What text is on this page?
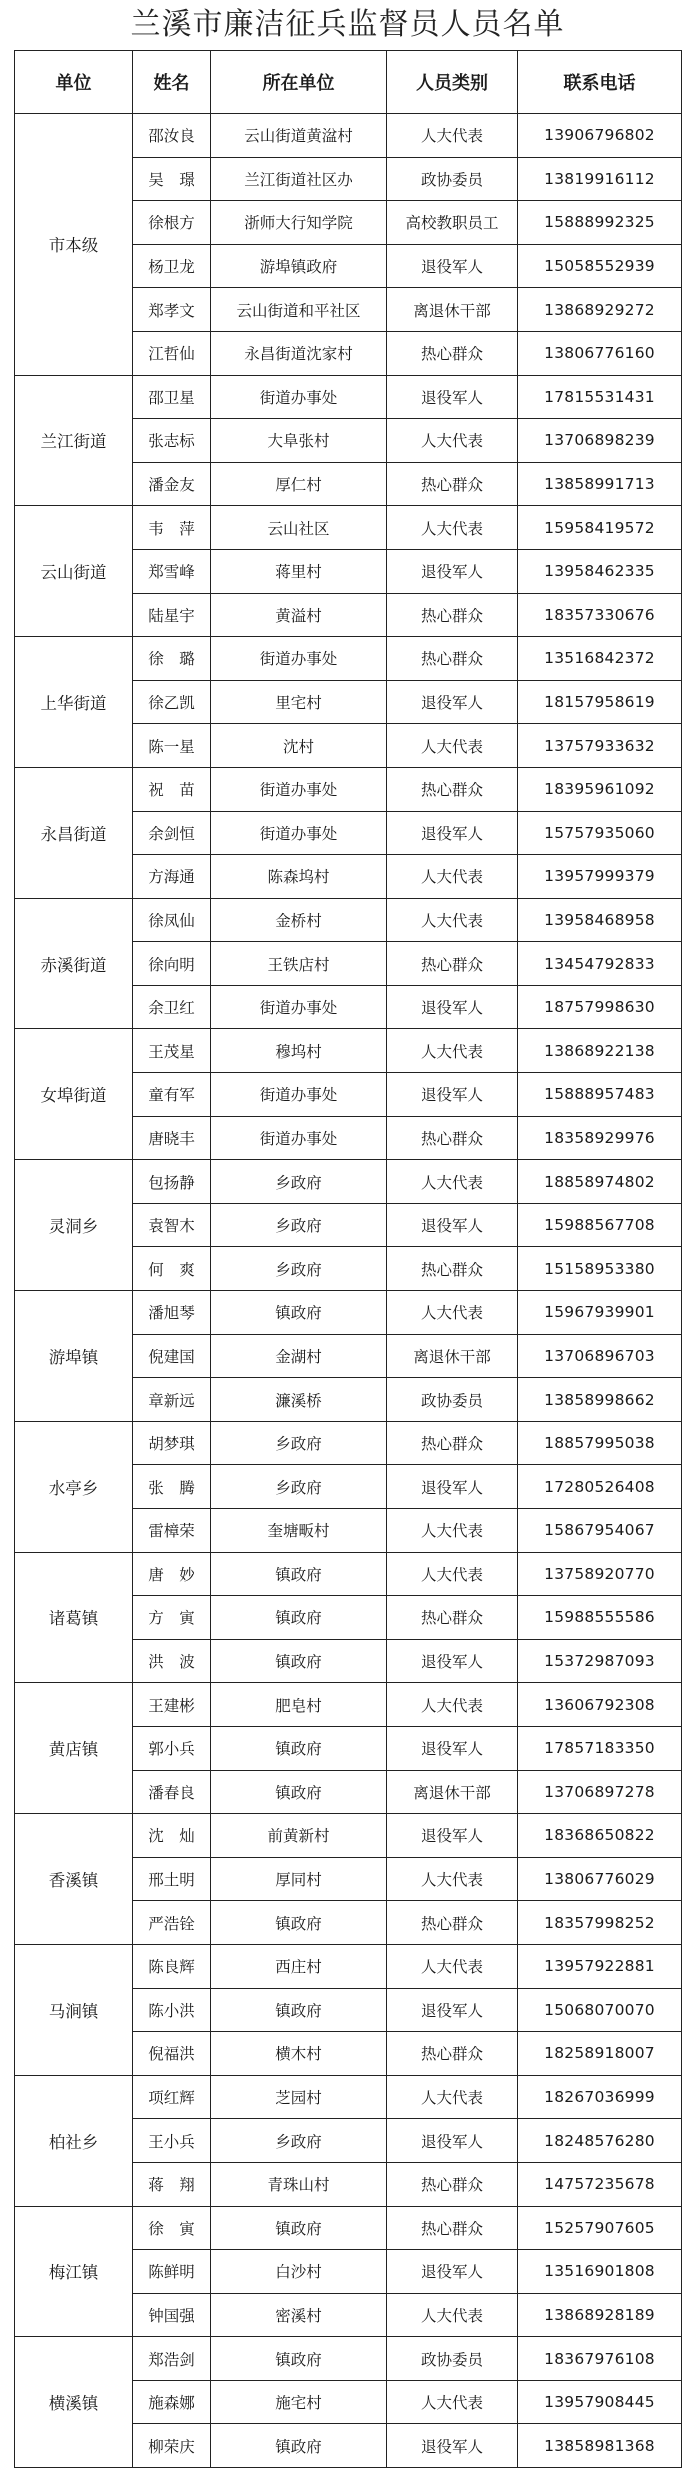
兰溪市廉洁征兵监督员人员名单
单位	姓名	所在单位	人员类别	联系电话
市本级	邵汝良	云山街道黄湓村	人大代表	13906796802
	吴　璟	兰江街道社区办	政协委员	13819916112
	徐根方	浙师大行知学院	高校教职员工	15888992325
	杨卫龙	游埠镇政府	退役军人	15058552939
	郑孝文	云山街道和平社区	离退休干部	13868929272
	江哲仙	永昌街道沈家村	热心群众	13806776160
兰江街道	邵卫星	街道办事处	退役军人	17815531431
	张志标	大阜张村	人大代表	13706898239
	潘金友	厚仁村	热心群众	13858991713
云山街道	韦　萍	云山社区	人大代表	15958419572
	郑雪峰	蒋里村	退役军人	13958462335
	陆星宇	黄溢村	热心群众	18357330676
上华街道	徐　璐	街道办事处	热心群众	13516842372
	徐乙凯	里宅村	退役军人	18157958619
	陈一星	沈村	人大代表	13757933632
永昌街道	祝　苗	街道办事处	热心群众	18395961092
	余剑恒	街道办事处	退役军人	15757935060
	方海通	陈森坞村	人大代表	13957999379
赤溪街道	徐凤仙	金桥村	人大代表	13958468958
	徐向明	王铁店村	热心群众	13454792833
	余卫红	街道办事处	退役军人	18757998630
女埠街道	王茂星	穆坞村	人大代表	13868922138
	童有军	街道办事处	退役军人	15888957483
	唐晓丰	街道办事处	热心群众	18358929976
灵洞乡	包扬静	乡政府	人大代表	18858974802
	袁智木	乡政府	退役军人	15988567708
	何　爽	乡政府	热心群众	15158953380
游埠镇	潘旭琴	镇政府	人大代表	15967939901
	倪建国	金湖村	离退休干部	13706896703
	章新远	濂溪桥	政协委员	13858998662
水亭乡	胡梦琪	乡政府	热心群众	18857995038
	张　腾	乡政府	退役军人	17280526408
	雷樟荣	奎塘畈村	人大代表	15867954067
诸葛镇	唐　妙	镇政府	人大代表	13758920770
	方　寅	镇政府	热心群众	15988555586
	洪　波	镇政府	退役军人	15372987093
黄店镇	王建彬	肥皂村	人大代表	13606792308
	郭小兵	镇政府	退役军人	17857183350
	潘春良	镇政府	离退休干部	13706897278
香溪镇	沈　灿	前黄新村	退役军人	18368650822
	邢土明	厚同村	人大代表	13806776029
	严浩铨	镇政府	热心群众	18357998252
马涧镇	陈良辉	西庄村	人大代表	13957922881
	陈小洪	镇政府	退役军人	15068070070
	倪福洪	横木村	热心群众	18258918007
柏社乡	项红辉	芝园村	人大代表	18267036999
	王小兵	乡政府	退役军人	18248576280
	蒋　翔	青珠山村	热心群众	14757235678
梅江镇	徐　寅	镇政府	热心群众	15257907605
	陈鲜明	白沙村	退役军人	13516901808
	钟国强	密溪村	人大代表	13868928189
横溪镇	郑浩剑	镇政府	政协委员	18367976108
	施森娜	施宅村	人大代表	13957908445
	柳荣庆	镇政府	退役军人	13858981368
